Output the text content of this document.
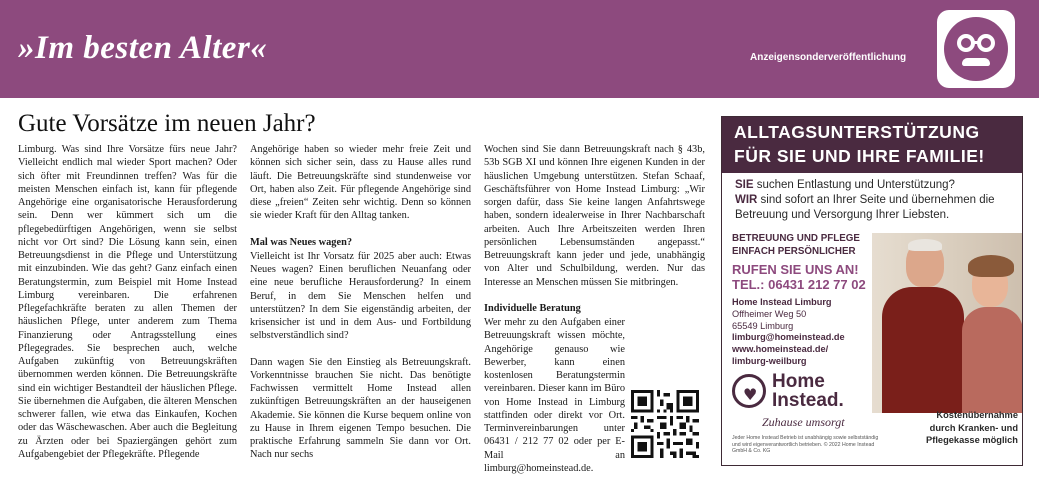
»Im besten Alter«	Anzeigensonderveröffentlichung
Gute Vorsätze im neuen Jahr?
Limburg. Was sind Ihre Vorsätze fürs neue Jahr? Vielleicht endlich mal wieder Sport machen? Oder sich öfter mit Freundinnen treffen? Was für die meisten Menschen einfach ist, kann für pflegende Angehörige eine organisatorische Herausforderung sein. Denn wer kümmert sich um die pflegebedürftigen Angehörigen, wenn sie selbst nicht vor Ort sind? Die Lösung kann sein, einen Betreuungsdienst in die Pflege und Unterstützung mit einzubinden. Wie das geht? Ganz einfach einen Beratungstermin, zum Beispiel mit Home Instead Limburg vereinbaren. Die erfahrenen Pflegefachkräfte beraten zu allen Themen der häuslichen Pflege, unter anderem zum Thema Finanzierung oder Antragsstellung eines Pflegegrades. Sie besprechen auch, welche Aufgaben zukünftig von Betreuungskräften übernommen werden können. Die Betreuungskräfte sind ein wichtiger Bestandteil der häuslichen Pflege. Sie übernehmen die Aufgaben, die älteren Menschen schwerer fallen, wie etwa das Einkaufen, Kochen oder das Wäschewaschen. Aber auch die Begleitung zu Ärzten oder bei Spaziergängen gehört zum Aufgabengebiet der Pflegekräfte. Pflegende
Angehörige haben so wieder mehr freie Zeit und können sich sicher sein, dass zu Hause alles rund läuft. Die Betreuungskräfte sind stundenweise vor Ort, haben also Zeit. Für pflegende Angehörige sind diese „freien“ Zeiten sehr wichtig. Denn so können sie wieder Kraft für den Alltag tanken.
Mal was Neues wagen?
Vielleicht ist Ihr Vorsatz für 2025 aber auch: Etwas Neues wagen? Einen beruflichen Neuanfang oder eine neue berufliche Herausforderung? In einem Beruf, in dem Sie Menschen helfen und unterstützen? In dem Sie eigenständig arbeiten, der krisensicher ist und in dem Aus- und Fortbildung selbstverständlich sind?
Dann wagen Sie den Einstieg als Betreuungskraft. Vorkenntnisse brauchen Sie nicht. Das benötigte Fachwissen vermittelt Home Instead allen zukünftigen Betreuungskräften an der hauseigenen Akademie. Sie können die Kurse bequem online von zu Hause in Ihrem eigenen Tempo besuchen. Die praktische Erfahrung sammeln Sie dann vor Ort. Nach nur sechs
Wochen sind Sie dann Betreuungskraft nach § 43b, 53b SGB XI und können Ihre eigenen Kunden in der häuslichen Umgebung unterstützen. Stefan Schaaf, Geschäftsführer von Home Instead Limburg: „Wir sorgen dafür, dass Sie keine langen Anfahrtswege haben, sondern idealerweise in Ihrer Nachbarschaft arbeiten. Auch Ihre Arbeitszeiten werden Ihren persönlichen Lebensumständen angepasst.“ Betreuungskraft kann jeder und jede, unabhängig von Alter und Schulbildung, werden. Nur das Interesse an Menschen müssen Sie mitbringen.
Individuelle Beratung
Wer mehr zu den Aufgaben einer Betreuungskraft wissen möchte, Angehörige genauso wie Bewerber, kann einen kostenlosen Beratungstermin vereinbaren. Dieser kann im Büro von Home Instead in Limburg stattfinden oder direkt vor Ort. Terminvereinbarungen unter 06431 / 212 77 02 oder per E-Mail an limburg@homeinstead.de.
ALLTAGSUNTERSTÜTZUNG
FÜR SIE UND IHRE FAMILIE!
SIE suchen Entlastung und Unterstützung?
WIR sind sofort an Ihrer Seite und übernehmen die Betreuung und Versorgung Ihrer Liebsten.
BETREUUNG UND PFLEGE
EINFACH PERSÖNLICHER
RUFEN SIE UNS AN!
TEL.: 06431 212 77 02
Home Instead Limburg
Offheimer Weg 50
65549 Limburg
limburg@homeinstead.de
www.homeinstead.de/
limburg-weilburg
♥
Home
Instead.
Zuhause umsorgt
Jeder Home Instead Betrieb ist unabhängig sowie selbstständig und wird eigenverantwortlich betrieben. © 2022 Home Instead GmbH & Co. KG
Kostenübernahme
durch Kranken- und
Pflegekasse möglich
